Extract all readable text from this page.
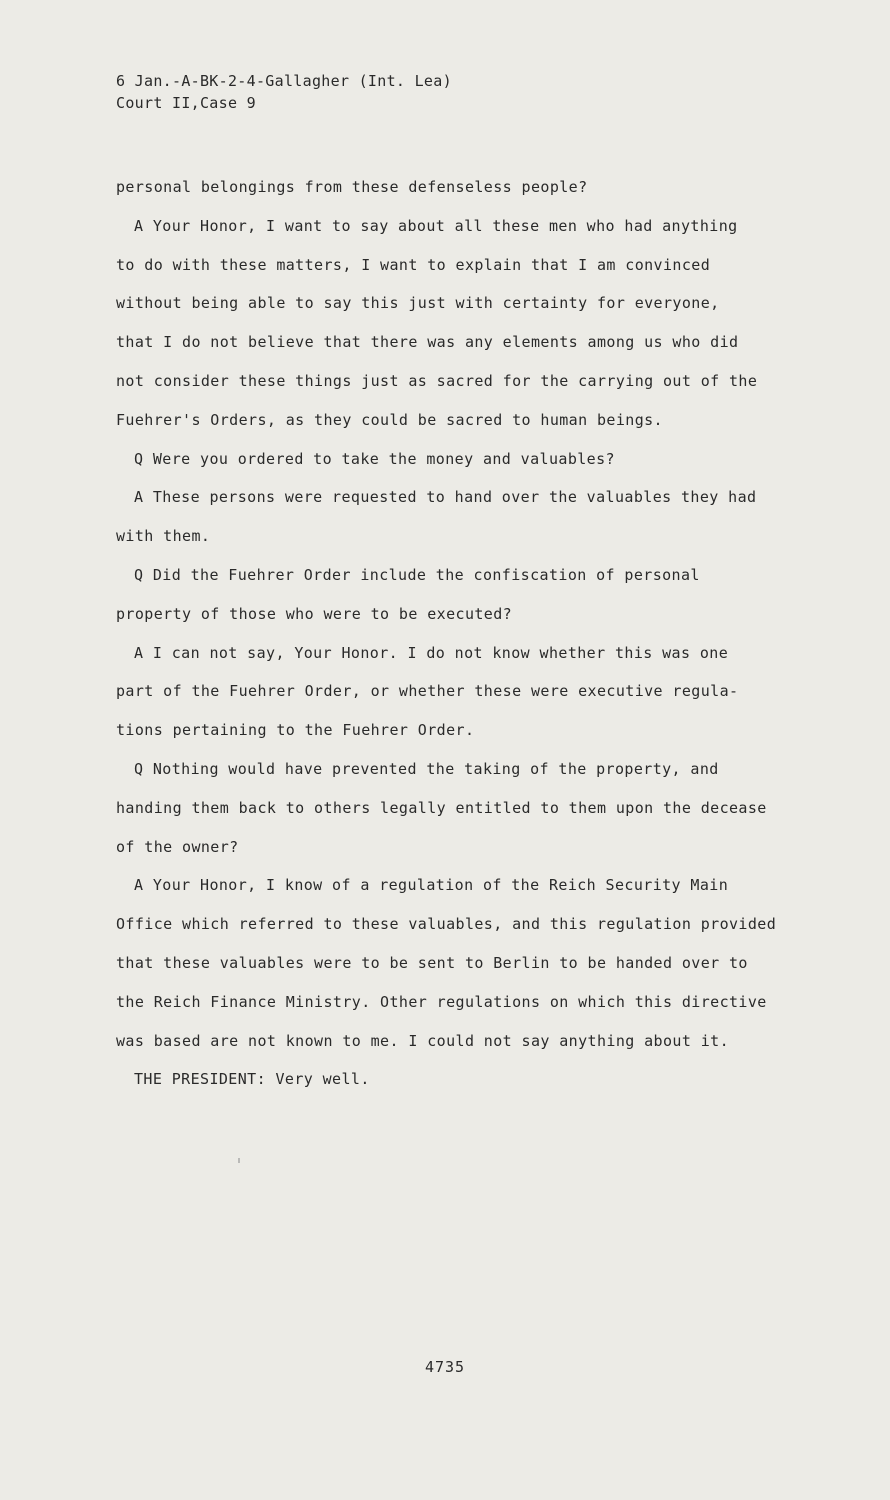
6 Jan.-A-BK-2-4-Gallagher (Int. Lea)
Court II,Case 9
personal belongings from these defenseless people?
A Your Honor, I want to say about all these men who had anything
to do with these matters, I want to explain that I am convinced
without being able to say this just with certainty for everyone,
that I do not believe that there was any elements among us who did
not consider these things just as sacred for the carrying out of the
Fuehrer's Orders, as they could be sacred to human beings.
Q Were you ordered to take the money and valuables?
A These persons were requested to hand over the valuables they had
with them.
Q Did the Fuehrer Order include the confiscation of personal
property of those who were to be executed?
A I can not say, Your Honor. I do not know whether this was one
part of the Fuehrer Order, or whether these were executive regula-
tions pertaining to the Fuehrer Order.
Q Nothing would have prevented the taking of the property, and
handing them back to others legally entitled to them upon the decease
of the owner?
A Your Honor, I know of a regulation of the Reich Security Main
Office which referred to these valuables, and this regulation provided
that these valuables were to be sent to Berlin to be handed over to
the Reich Finance Ministry. Other regulations on which this directive
was based are not known to me. I could not say anything about it.
THE PRESIDENT: Very well.
4735
